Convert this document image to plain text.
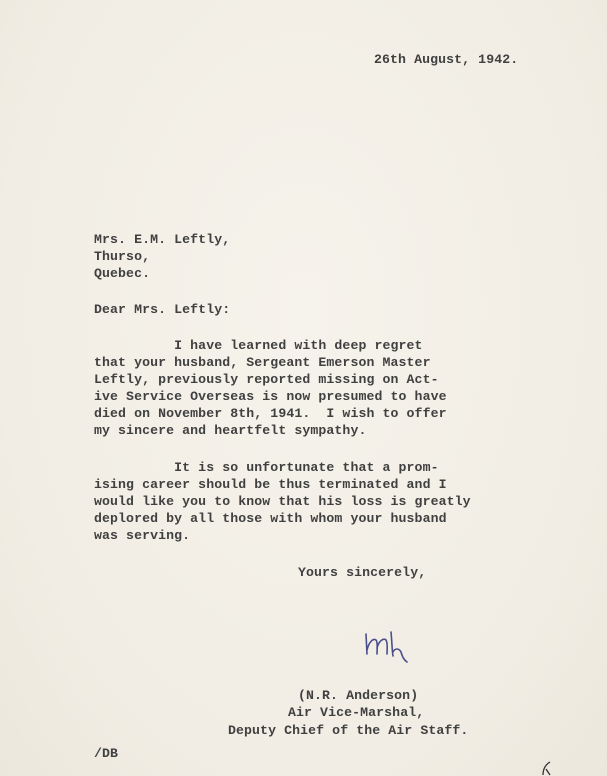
26th August, 1942.
Mrs. E.M. Leftly,
Thurso,
Quebec.
Dear Mrs. Leftly:
I have learned with deep regret
that your husband, Sergeant Emerson Master
Leftly, previously reported missing on Act-
ive Service Overseas is now presumed to have
died on November 8th, 1941.  I wish to offer
my sincere and heartfelt sympathy.
It is so unfortunate that a prom-
ising career should be thus terminated and I
would like you to know that his loss is greatly
deplored by all those with whom your husband
was serving.
Yours sincerely,
(N.R. Anderson)
Air Vice-Marshal,
Deputy Chief of the Air Staff.
/DB
